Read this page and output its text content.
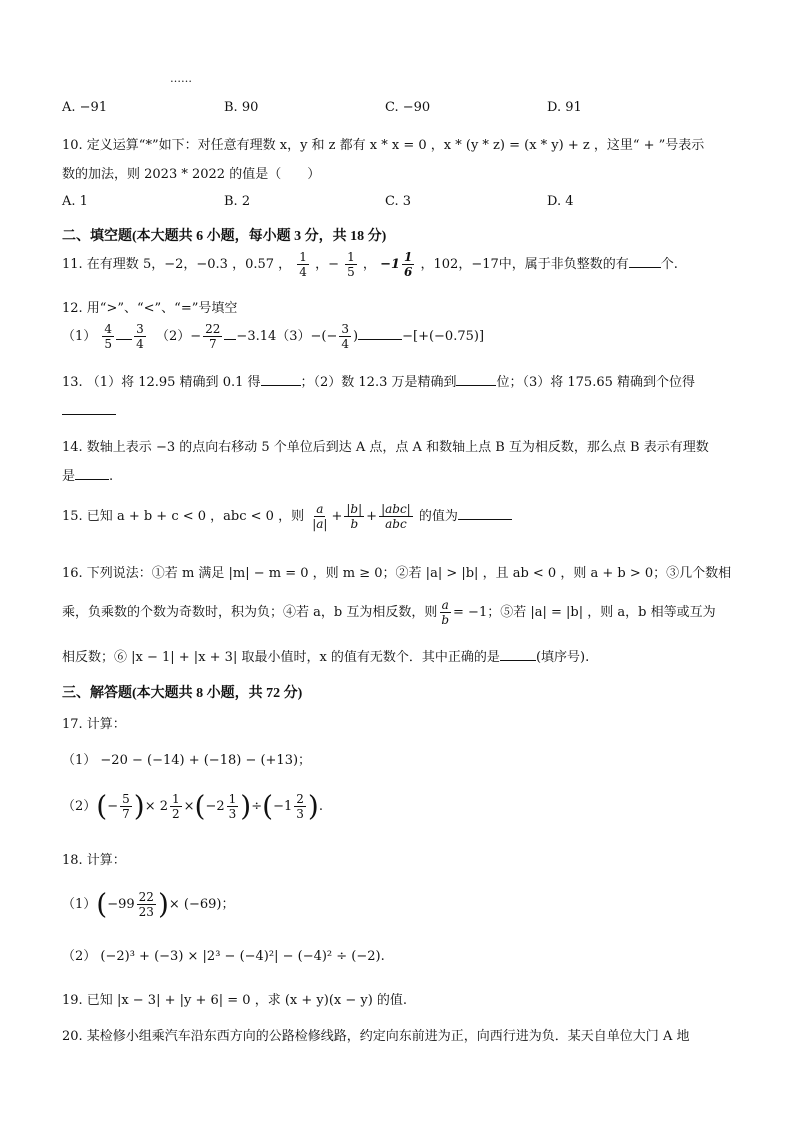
……
A. −91	B. 90	C. −90	D. 91
10. 定义运算“*”如下：对任意有理数 x，y 和 z 都有 x * x = 0 ，x * (y * z) = (x * y) + z ，这里“ + ”号表示
数的加法，则 2023 * 2022 的值是（　　）
A. 1	B. 2	C. 3	D. 4
二、填空题(本大题共 6 小题，每小题 3 分，共 18 分)
11. 在有理数 5，−2，−0.3 ，0.57 ， $\frac{1}{4}$ ，− $\frac{1}{5}$ ， $-1 \frac{1}{6}$ ，102，−17中，属于非负整数的有 个.
12. 用“>”、“<”、“=”号填空
$(1) \frac{4}{5} \frac{3}{4} (2)- \frac{22}{7} -3.14(3)-(- \frac{3}{4}$ )	−[+(−0.75)]
13. （1）将 12.95 精确到 0.1 得	；（2）数 12.3 万是精确到	位；（3）将 175.65 精确到个位得
14. 数轴上表示 −3 的点向右移动 5 个单位后到达 A 点，点 A 和数轴上点 B 互为相反数，那么点 B 表示有理数
是	.
15. 已知 a + b + c < 0 ，abc < 0 ，则 $\frac{a}{|a|} + \frac{|b|}{b} + \frac{\text{|abc|}}{\text{abc}}$ 的值为
16. 下列说法：①若 m 满足 |m| − m = 0 ，则 m ≥ 0；②若 |a| > |b| ，且 ab < 0 ，则 a + b > 0；③几个数相
乘，负乘数的个数为奇数时，积为负；④若 a，b 互为相反数，则 $\frac{a}{b} = -1$；⑤若 |a| = |b| ，则 a，b 相等或互为
相反数；⑥ |x − 1| + |x + 3| 取最小值时，x 的值有无数个．其中正确的是	(填序号).
三、解答题(本大题共 8 小题，共 72 分)
17. 计算：
（1） −20 − (−14) + (−18) − (+13)；
$(2)(- \frac{5}{7}$ )× $2 \frac{1}{2} \times(-2 \frac{1}{3} )\div(-1 \frac{2}{3}$ ).
18. 计算：
$(1)(-99 \frac{22}{23}$ )× (−69)；
（2） (−2)³ + (−3) × |2³ − (−4)²| − (−4)² ÷ (−2).
19. 已知 |x − 3| + |y + 6| = 0 ，求 (x + y)(x − y) 的值.
20. 某检修小组乘汽车沿东西方向的公路检修线路，约定向东前进为正，向西行进为负．某天自单位大门 A 地
